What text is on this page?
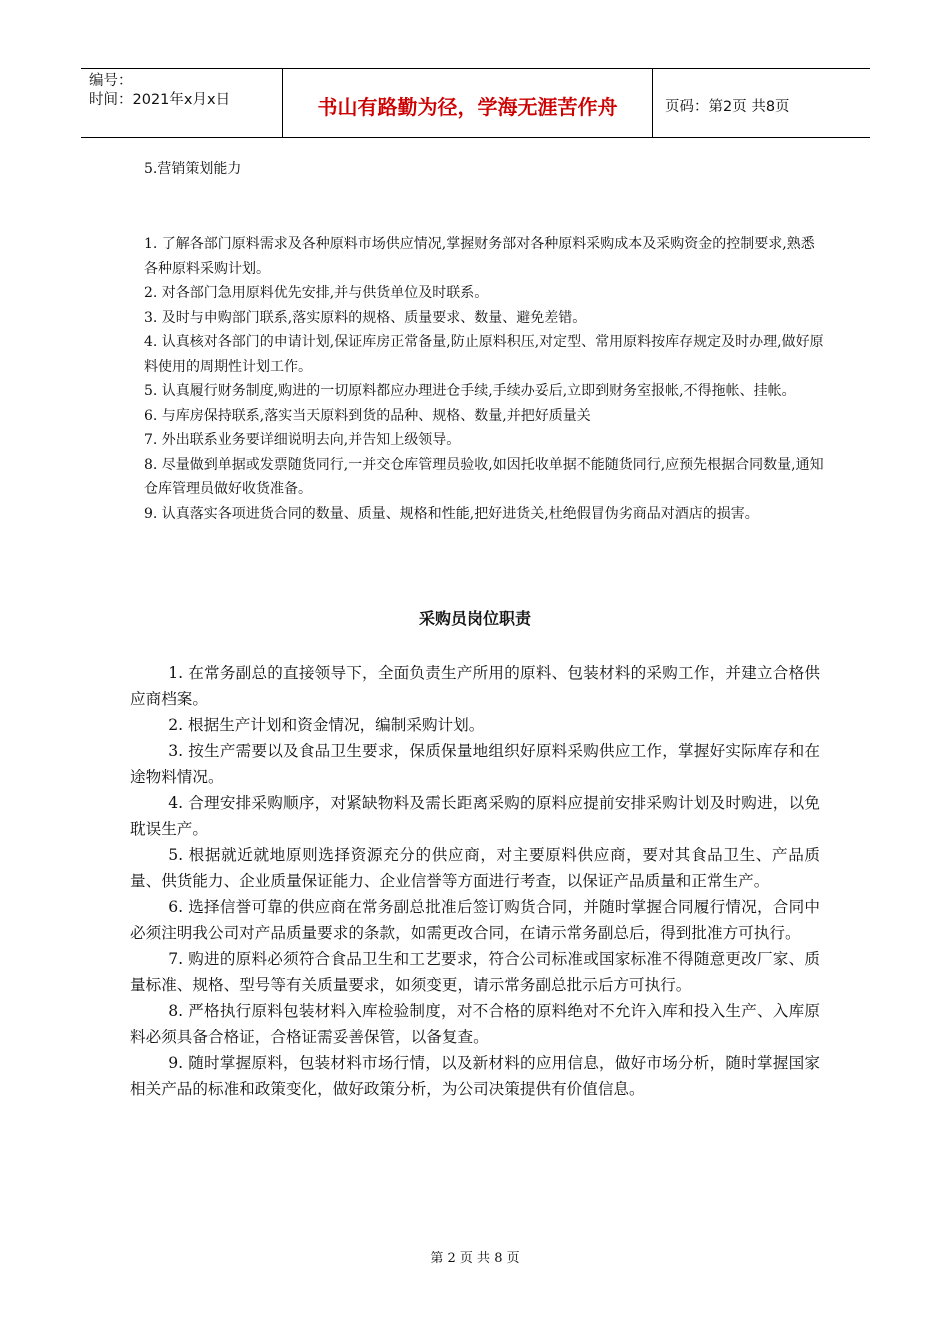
编号：
时间：2021年x月x日	书山有路勤为径，学海无涯苦作舟	页码：第2页 共8页
5.营销策划能力

1. 了解各部门原料需求及各种原料市场供应情况,掌握财务部对各种原料采购成本及采购资金的控制要求,熟悉各种原料采购计划。

2. 对各部门急用原料优先安排,并与供货单位及时联系。

3. 及时与申购部门联系,落实原料的规格、质量要求、数量、避免差错。

4. 认真核对各部门的申请计划,保证库房正常备量,防止原料积压,对定型、常用原料按库存规定及时办理,做好原料使用的周期性计划工作。

5. 认真履行财务制度,购进的一切原料都应办理进仓手续,手续办妥后,立即到财务室报帐,不得拖帐、挂帐。

6. 与库房保持联系,落实当天原料到货的品种、规格、数量,并把好质量关

7. 外出联系业务要详细说明去向,并告知上级领导。

8. 尽量做到单据或发票随货同行,一并交仓库管理员验收,如因托收单据不能随货同行,应预先根据合同数量,通知仓库管理员做好收货准备。

9. 认真落实各项进货合同的数量、质量、规格和性能,把好进货关,杜绝假冒伪劣商品对酒店的损害。

采购员岗位职责

1. 在常务副总的直接领导下，全面负责生产所用的原料、包装材料的采购工作，并建立合格供应商档案。

2. 根据生产计划和资金情况，编制采购计划。

3. 按生产需要以及食品卫生要求，保质保量地组织好原料采购供应工作，掌握好实际库存和在途物料情况。

4. 合理安排采购顺序，对紧缺物料及需长距离采购的原料应提前安排采购计划及时购进，以免耽误生产。

5. 根据就近就地原则选择资源充分的供应商，对主要原料供应商，要对其食品卫生、产品质量、供货能力、企业质量保证能力、企业信誉等方面进行考查，以保证产品质量和正常生产。

6. 选择信誉可靠的供应商在常务副总批准后签订购货合同，并随时掌握合同履行情况，合同中必须注明我公司对产品质量要求的条款，如需更改合同，在请示常务副总后，得到批准方可执行。

7. 购进的原料必须符合食品卫生和工艺要求，符合公司标准或国家标准不得随意更改厂家、质量标准、规格、型号等有关质量要求，如须变更，请示常务副总批示后方可执行。

8. 严格执行原料包装材料入库检验制度，对不合格的原料绝对不允许入库和投入生产、入库原料必须具备合格证，合格证需妥善保管，以备复查。

9. 随时掌握原料，包装材料市场行情，以及新材料的应用信息，做好市场分析，随时掌握国家相关产品的标准和政策变化，做好政策分析，为公司决策提供有价值信息。

第 2 页 共 8 页
